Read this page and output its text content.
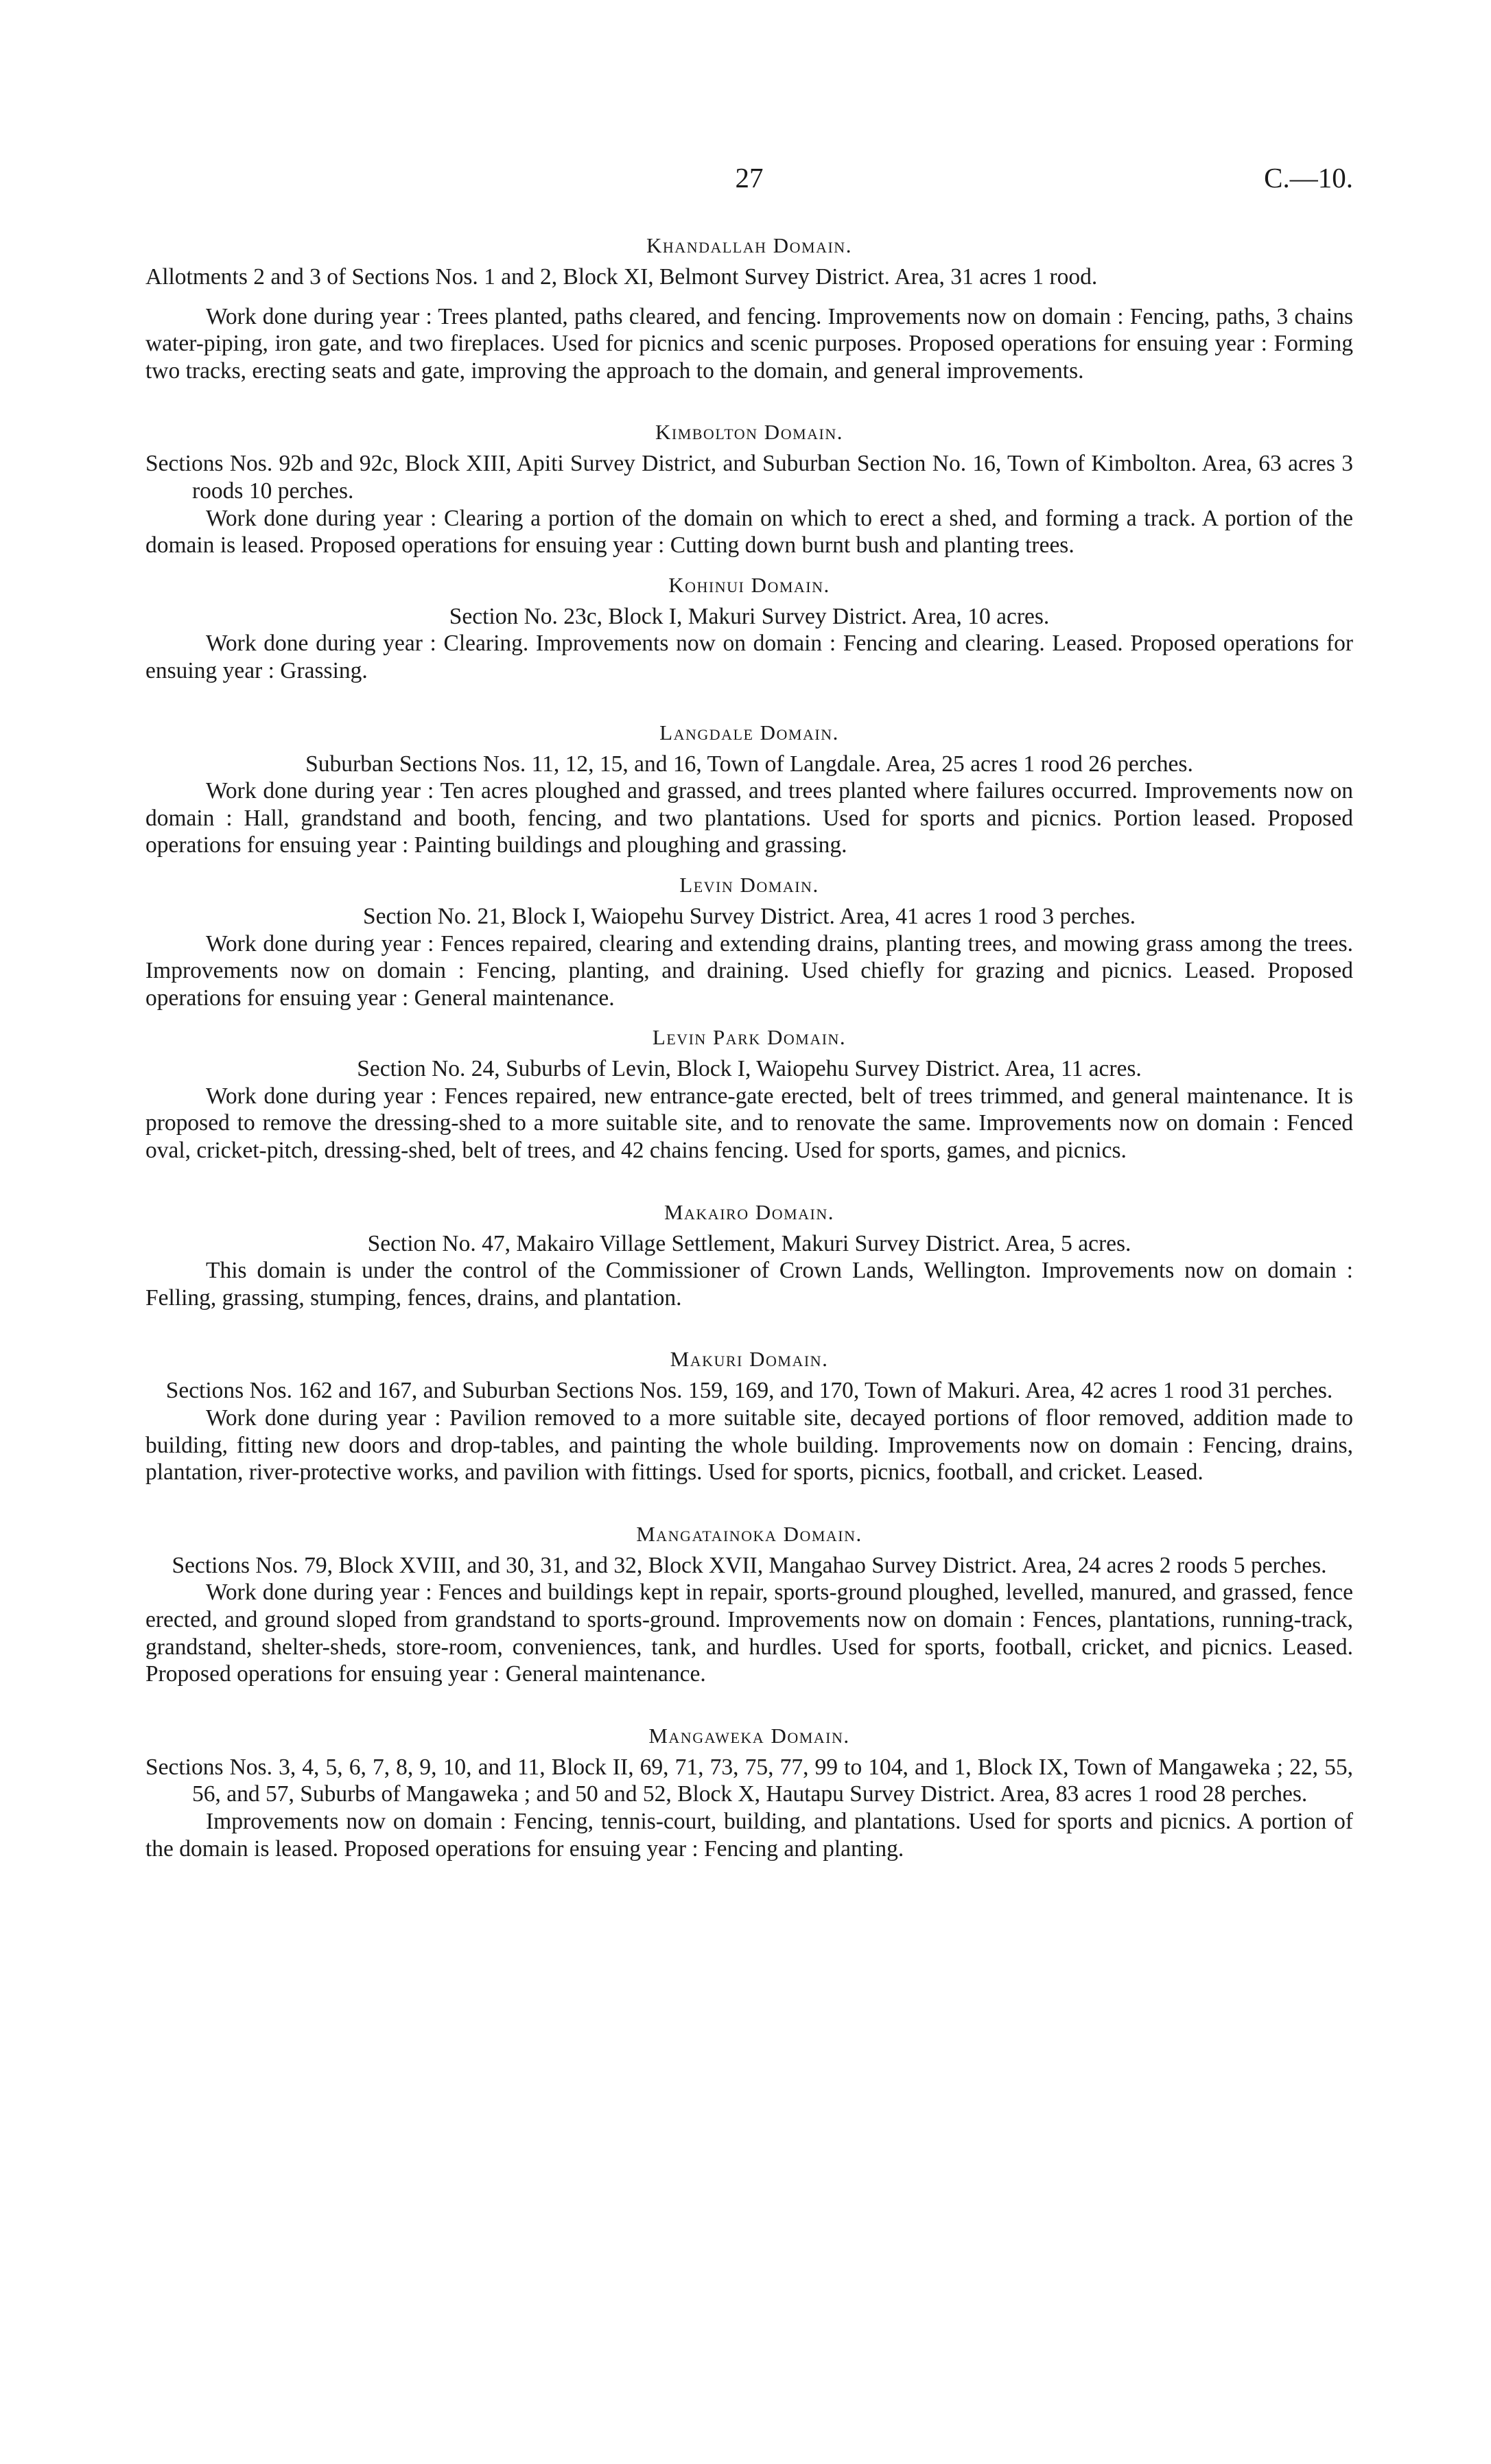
27	C.—10.
Khandallah Domain.

Allotments 2 and 3 of Sections Nos. 1 and 2, Block XI, Belmont Survey District. Area, 31 acres 1 rood.

Work done during year : Trees planted, paths cleared, and fencing. Improvements now on domain : Fencing, paths, 3 chains water-piping, iron gate, and two fireplaces. Used for picnics and scenic purposes. Proposed operations for ensuing year : Forming two tracks, erecting seats and gate, improving the approach to the domain, and general improvements.

Kimbolton Domain.

Sections Nos. 92b and 92c, Block XIII, Apiti Survey District, and Suburban Section No. 16, Town of Kimbolton. Area, 63 acres 3 roods 10 perches.

Work done during year : Clearing a portion of the domain on which to erect a shed, and forming a track. A portion of the domain is leased. Proposed operations for ensuing year : Cutting down burnt bush and planting trees.

Kohinui Domain.

Section No. 23c, Block I, Makuri Survey District. Area, 10 acres.

Work done during year : Clearing. Improvements now on domain : Fencing and clearing. Leased. Proposed operations for ensuing year : Grassing.

Langdale Domain.

Suburban Sections Nos. 11, 12, 15, and 16, Town of Langdale. Area, 25 acres 1 rood 26 perches.

Work done during year : Ten acres ploughed and grassed, and trees planted where failures occurred. Improvements now on domain : Hall, grandstand and booth, fencing, and two plantations. Used for sports and picnics. Portion leased. Proposed operations for ensuing year : Painting buildings and ploughing and grassing.

Levin Domain.

Section No. 21, Block I, Waiopehu Survey District. Area, 41 acres 1 rood 3 perches.

Work done during year : Fences repaired, clearing and extending drains, planting trees, and mowing grass among the trees. Improvements now on domain : Fencing, planting, and draining. Used chiefly for grazing and picnics. Leased. Proposed operations for ensuing year : General maintenance.

Levin Park Domain.

Section No. 24, Suburbs of Levin, Block I, Waiopehu Survey District. Area, 11 acres.

Work done during year : Fences repaired, new entrance-gate erected, belt of trees trimmed, and general maintenance. It is proposed to remove the dressing-shed to a more suitable site, and to renovate the same. Improvements now on domain : Fenced oval, cricket-pitch, dressing-shed, belt of trees, and 42 chains fencing. Used for sports, games, and picnics.

Makairo Domain.

Section No. 47, Makairo Village Settlement, Makuri Survey District. Area, 5 acres.

This domain is under the control of the Commissioner of Crown Lands, Wellington. Improvements now on domain : Felling, grassing, stumping, fences, drains, and plantation.

Makuri Domain.

Sections Nos. 162 and 167, and Suburban Sections Nos. 159, 169, and 170, Town of Makuri. Area, 42 acres 1 rood 31 perches.

Work done during year : Pavilion removed to a more suitable site, decayed portions of floor removed, addition made to building, fitting new doors and drop-tables, and painting the whole building. Improvements now on domain : Fencing, drains, plantation, river-protective works, and pavilion with fittings. Used for sports, picnics, football, and cricket. Leased.

Mangatainoka Domain.

Sections Nos. 79, Block XVIII, and 30, 31, and 32, Block XVII, Mangahao Survey District. Area, 24 acres 2 roods 5 perches.

Work done during year : Fences and buildings kept in repair, sports-ground ploughed, levelled, manured, and grassed, fence erected, and ground sloped from grandstand to sports-ground. Improvements now on domain : Fences, plantations, running-track, grandstand, shelter-sheds, store-room, conveniences, tank, and hurdles. Used for sports, football, cricket, and picnics. Leased. Proposed operations for ensuing year : General maintenance.

Mangaweka Domain.

Sections Nos. 3, 4, 5, 6, 7, 8, 9, 10, and 11, Block II, 69, 71, 73, 75, 77, 99 to 104, and 1, Block IX, Town of Mangaweka ; 22, 55, 56, and 57, Suburbs of Mangaweka ; and 50 and 52, Block X, Hautapu Survey District. Area, 83 acres 1 rood 28 perches.

Improvements now on domain : Fencing, tennis-court, building, and plantations. Used for sports and picnics. A portion of the domain is leased. Proposed operations for ensuing year : Fencing and planting.
